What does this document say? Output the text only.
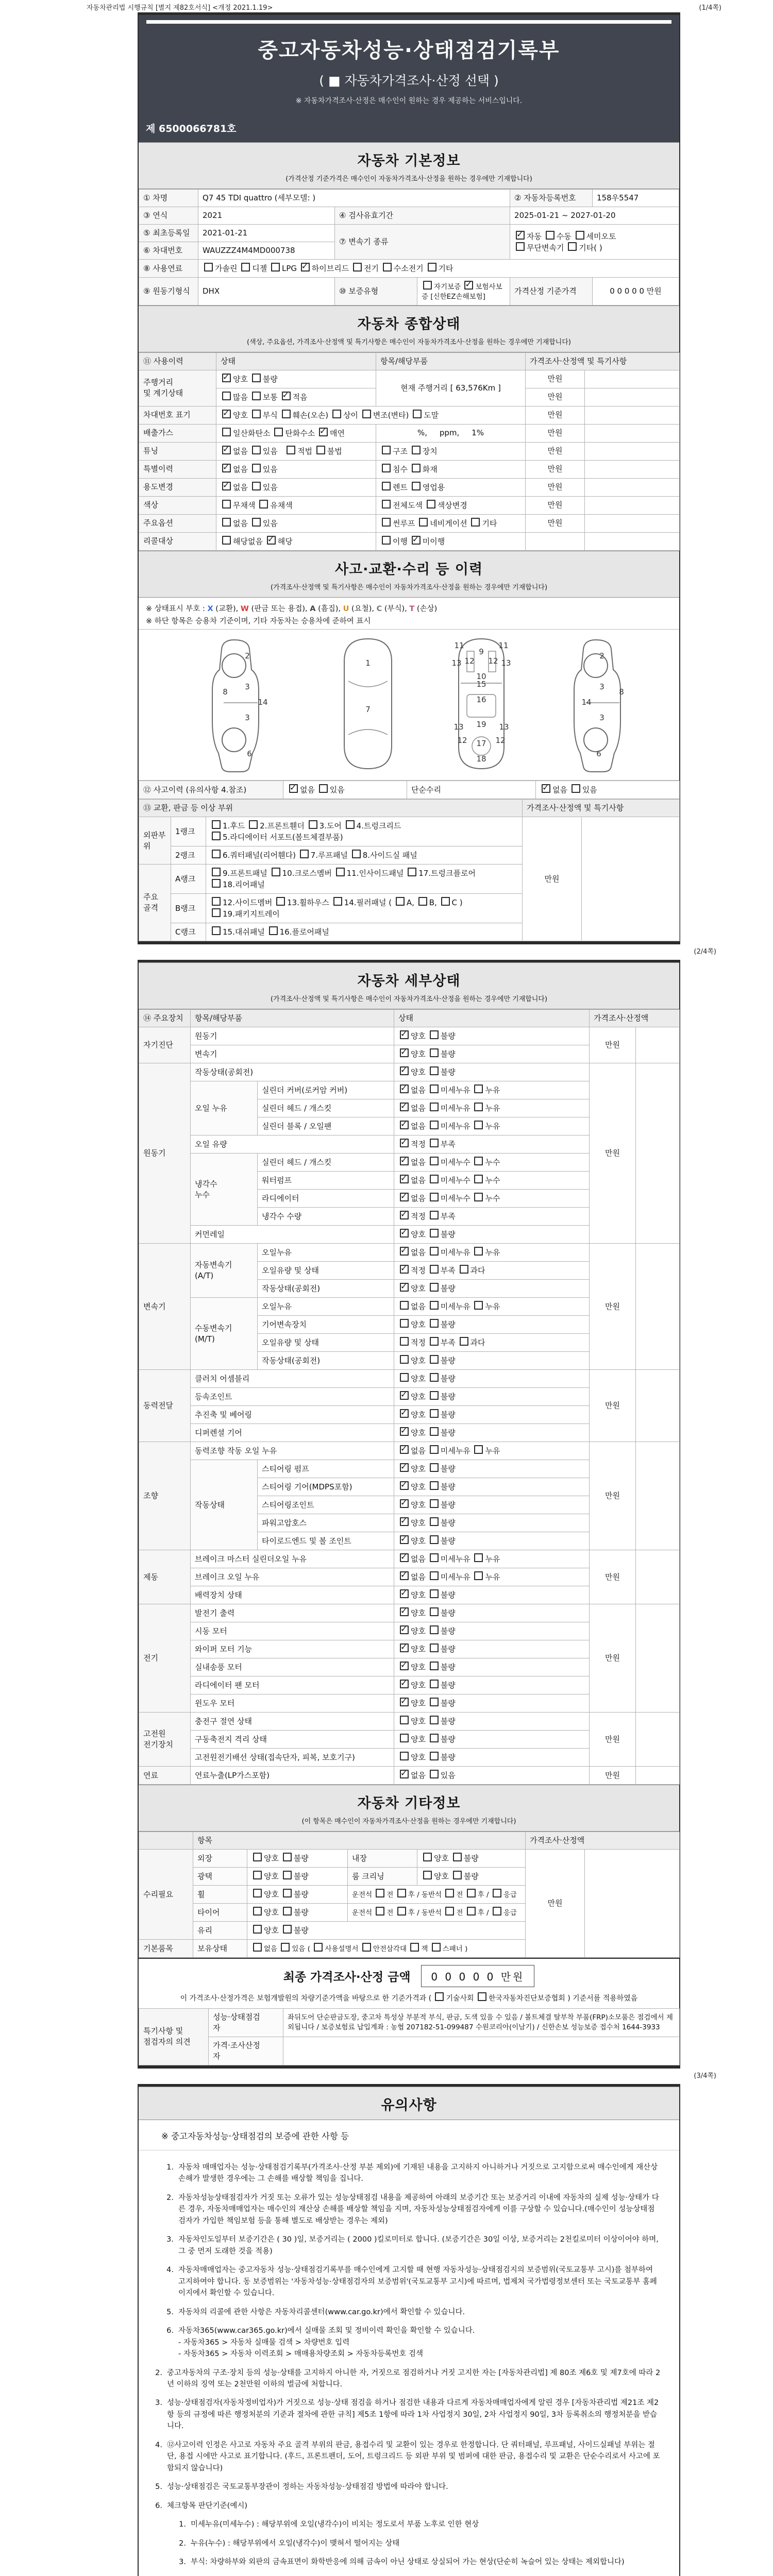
자동차관리법 시행규칙 [별지 제82호서식] <개정 2021.1.19>	(1/4쪽)
중고자동차성능·상태점검기록부
( ■ 자동차가격조사·산정 선택 )
※ 자동차가격조사·산정은 매수인이 원하는 경우 제공하는 서비스입니다.
제 6500066781호
자동차 기본정보
(가격산정 기준가격은 매수인이 자동차가격조사·산정을 원하는 경우에만 기재합니다)
① 차명	Q7 45 TDI quattro (세부모델: )			② 자동차등록번호	158우5547
③ 연식	2021	④ 검사유효기간		2025-01-21 ~ 2027-01-20	
⑤ 최초등록일	2021-01-21	⑦ 변속기 종류	✓자동 수동 세미오토
무단변속기 기타( )
⑥ 차대번호	WAUZZZ4M4MD000738				
⑧ 사용연료	가솔린 디젤 LPG ✓하이브리드 전기 수소전기 기타
⑨ 원동기형식	DHX	⑩ 보증유형	자기보증 ✓보험사보증 [신한EZ손해보험]	가격산정 기준가격	0 0 0 0 0 만원
자동차 종합상태
(색상, 주요옵션, 가격조사·산정액 및 특기사항은 매수인이 자동차가격조사·산정을 원하는 경우에만 기재합니다)
⑪ 사용이력	상태	항목/해당부품	가격조사·산정액 및 특기사항	
주행거리
및 계기상태	✓양호 불량	현재 주행거리 [ 63,576Km ]	만원	
	많음 보통 ✓적음		만원	
차대번호 표기	✓양호 부식 훼손(오손) 상이 변조(변타) 도말		만원	
배출가스	일산화탄소 탄화수소 ✓매연	%,     ppm,     1%	만원	
튜닝	✓없음 있음   적법 불법	구조 장치	만원	
특별이력	✓없음 있음	침수 화재	만원	
용도변경	✓없음 있음	렌트 영업용	만원	
색상	무채색 유채색	전체도색 색상변경	만원	
주요옵션	없음 있음	썬루프 네비게이션 기타	만원	
리콜대상	해당없음 ✓해당	이행 ✓미이행		
사고·교환·수리 등 이력
(가격조사·산정액 및 특기사항은 매수인이 자동차가격조사·산정을 원하는 경우에만 기재합니다)
※ 상태표시 부호 : X (교환), W (판금 또는 용접), A (흠집), U (요철), C (부식), T (손상)
※ 하단 항목은 승용차 기준이며, 기타 자동차는 승용차에 준하여 표시
2
8
3
14
3
6
1
7
9
11	11
13	13
12 12
10
15
16
13	13
19
12	12
17
18
2
8
3
14
3
6
⑫ 사고이력 (유의사항 4.참조)	✓없음 있음	단순수리	✓없음 있음
⑬ 교환, 판금 등 이상 부위			가격조사·산정액 및 특기사항	
외판부위	1랭크	1.후드 2.프론트휀더 3.도어 4.트렁크리드
5.라디에이터 서포트(볼트체결부품)	만원	
	2랭크	6.쿼터패널(리어휀다) 7.루프패널 8.사이드실 패널		
주요
골격	A랭크	9.프론트패널 10.크로스멤버 11.인사이드패널 17.트렁크플로어
18.리어패널		
	B랭크	12.사이드멤버 13.휠하우스 14.필러패널 ( A, B, C )
19.패키지트레이		
	C랭크	15.대쉬패널 16.플로어패널		
(2/4쪽)
자동차 세부상태
(가격조사·산정액 및 특기사항은 매수인이 자동차가격조사·산정을 원하는 경우에만 기재합니다)
⑭ 주요장치	항목/해당부품		상태	가격조사·산정액	
자기진단	원동기	✓양호 불량	만원	
	변속기	✓양호 불량
원동기	작동상태(공회전)	✓양호 불량	만원	
	오일 누유	실린더 커버(로커암 커버)	✓없음 미세누유 누유
		실린더 헤드 / 개스킷	✓없음 미세누유 누유
		실린더 블록 / 오일팬	✓없음 미세누유 누유
	오일 유량	✓적정 부족
	냉각수
누수	실린더 헤드 / 개스킷	✓없음 미세누수 누수
		워터펌프	✓없음 미세누수 누수
		라디에이터	✓없음 미세누수 누수
		냉각수 수량	✓적정 부족
	커먼레일	✓양호 불량
변속기	자동변속기
(A/T)	오일누유	✓없음 미세누유 누유	만원	
		오일유량 및 상태	✓적정 부족 과다
		작동상태(공회전)	✓양호 불량
	수동변속기
(M/T)	오일누유	없음 미세누유 누유		
		기어변속장치	양호 불량		
		오일유량 및 상태	적정 부족 과다		
		작동상태(공회전)	양호 불량		
동력전달	클러치 어셈블리		양호 불량	만원	
	등속조인트	✓양호 불량
	추진축 및 베어링	✓양호 불량
	디퍼렌셜 기어	✓양호 불량
조향	동력조향 작동 오일 누유	✓없음 미세누유 누유	만원	
	작동상태	스티어링 펌프	✓양호 불량
		스티어링 기어(MDPS포함)	✓양호 불량
		스티어링조인트	✓양호 불량
		파워고압호스	✓양호 불량
		타이로드엔드 및 볼 조인트	✓양호 불량
제동	브레이크 마스터 실린더오일 누유	✓없음 미세누유 누유	만원	
	브레이크 오일 누유	✓없음 미세누유 누유
	배력장치 상태	✓양호 불량
전기	발전기 출력	✓양호 불량	만원	
	시동 모터	✓양호 불량
	와이퍼 모터 기능	✓양호 불량
	실내송풍 모터	✓양호 불량
	라디에이터 팬 모터	✓양호 불량
	윈도우 모터	✓양호 불량
고전원
전기장치	충전구 절연 상태		양호 불량	만원	
	구동축전지 격리 상태		양호 불량		
	고전원전기배선 상태(접속단자, 피복, 보호기구)		양호 불량		
연료	연료누출(LP가스포함)	✓없음 있음	만원	
자동차 기타정보
(이 항목은 매수인이 자동차가격조사·산정을 원하는 경우에만 기재합니다)
	항목				가격조사·산정액	
수리필요	외장	양호 불량	내장	양호 불량	만원	
	광택	양호 불량	룸 크리닝	양호 불량		
	휠	양호 불량	운전석 전 후 / 동반석 전 후 / 응급			
	타이어	양호 불량	운전석 전 후 / 동반석 전 후 / 응급			
	유리	양호 불량				
기본품목	보유상태	없음 있음 ( 사용설명서 안전삼각대 잭 스패너 )				
최종 가격조사·산정 금액 0 0 0 0 0 만원
이 가격조사·산정가격은 보험개발원의 차량기준가액을 바탕으로 한 기준가격과 ( 기술사회 한국자동차진단보증협회 ) 기준서를 적용하였음
특기사항 및
점검자의 의견	성능·상태점검
자	좌뒤도어 단순판금도장, 중고차 특성상 부분적 부식, 판금, 도색 있을 수 있음 / 볼트체결 탈부착 부품(FRP)소모품은 점검에서 제외됩니다 / 보증보험료 납입계좌 : 농협 207182-51-099487 수원코리아(이남기) / 신한손보 성능보증 접수처 1644-3933
	가격·조사산정
자	
(3/4쪽)
유의사항
※ 중고자동차성능·상태점검의 보증에 관한 사항 등
1. 자동차 매매업자는 성능·상태점검기록부(가격조사·산정 부분 제외)에 기재된 내용을 고지하지 아니하거나 거짓으로 고지함으로써 매수인에게 재산상 손해가 발생한 경우에는 그 손해를 배상할 책임을 집니다.
2. 자동차성능상태점검자가 거짓 또는 오류가 있는 성능상태점검 내용을 제공하여 아래의 보증기간 또는 보증거리 이내에 자동차의 실제 성능·상태가 다른 경우, 자동차매매업자는 매수인의 재산상 손해를 배상할 책임을 지며, 자동차성능상태점검자에게 이를 구상할 수 있습니다.(매수인이 성능상태점검자가 가입한 책임보험 등을 통해 별도로 배상받는 경우는 제외)
3. 자동차인도일부터 보증기간은 ( 30 )일, 보증거리는 ( 2000 )킬로미터로 합니다. (보증기간은 30일 이상, 보증거리는 2천킬로미터 이상이어야 하며, 그 중 먼저 도래한 것을 적용)
4. 자동차매매업자는 중고자동차 성능·상태점검기록부를 매수인에게 고지할 때 현행 자동차성능·상태점검지의 보증범위(국토교통부 고시)를 첨부하여 고지하여야 합니다. 동 보증범위는 '자동차성능·상태점검자의 보증범위'(국토교통부 고시)에 따르며, 법제처 국가법령정보센터 또는 국토교통부 홈페이지에서 확인할 수 있습니다.
5. 자동차의 리콜에 관한 사항은 자동차리콜센터(www.car.go.kr)에서 확인할 수 있습니다.
6. 자동차365(www.car365.go.kr)에서 실매물 조회 및 정비이력 확인을 확인할 수 있습니다.
- 자동차365 > 자동차 실매물 검색 > 차량번호 입력
- 자동차365 > 자동차 이력조회 > 매매용차량조회 > 자동차등록번호 검색
2. 중고자동차의 구조·장치 등의 성능·상태를 고지하지 아니한 자, 거짓으로 점검하거나 거짓 고지한 자는 [자동차관리법] 제 80조 제6호 및 제7호에 따라 2년 이하의 징역 또는 2천만원 이하의 벌금에 처합니다.
3. 성능·상태점검자(자동차정비업자)가 거짓으로 성능·상태 점검을 하거나 점검한 내용과 다르게 자동차매매업자에게 알린 경우 [자동차관리법 제21조 제2항 등의 규정에 따른 행정처분의 기준과 절차에 관한 규칙] 제5조 1항에 따라 1차 사업정지 30일, 2차 사업정지 90일, 3차 등록취소의 행정처분을 받습니다.
4. ⑫사고이력 인정은 사고로 자동차 주요 골격 부위의 판금, 용접수리 및 교환이 있는 경우로 한정합니다. 단 쿼터패널, 루프패널, 사이드실패널 부위는 절단, 용접 시에만 사고로 표기합니다. (후드, 프론트펜더, 도어, 트렁크리드 등 외판 부위 및 범퍼에 대한 판금, 용접수리 및 교환은 단순수리로서 사고에 포함되지 않습니다)
5. 성능·상태점검은 국토교통부장관이 정하는 자동차성능·상태점검 방법에 따라야 합니다.
6. 체크항목 판단기준(예시)
1. 미세누유(미세누수) : 해당부위에 오일(냉각수)이 비치는 정도로서 부품 노후로 인한 현상
2. 누유(누수) : 해당부위에서 오일(냉각수)이 맺혀서 떨어지는 상태
3. 부식: 차량하부와 외판의 금속표면이 화학반응에 의해 금속이 아닌 상태로 상실되어 가는 현상(단순히 녹슬어 있는 상태는 제외합니다)
